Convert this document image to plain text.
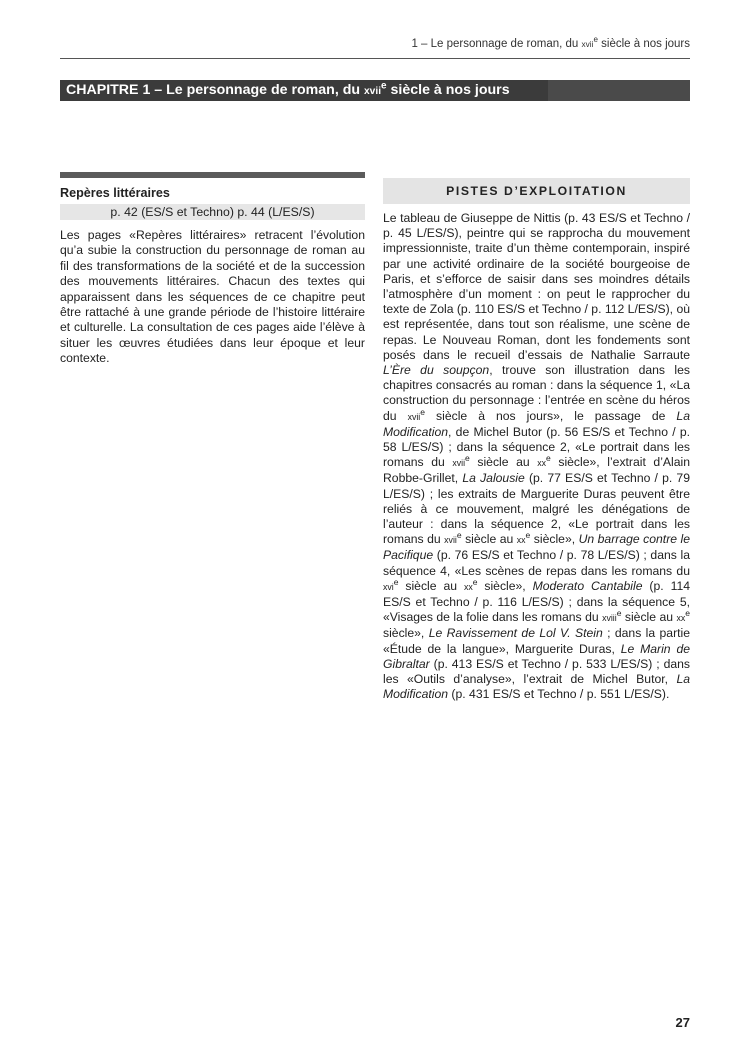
1 – Le personnage de roman, du xvii$^e$ siècle à nos jours
CHAPITRE 1 – Le personnage de roman, du xvii$^e$ siècle à nos jours
Repères littéraires
p. 42 (ES/S et Techno) p. 44 (L/ES/S)
Les pages «Repères littéraires» retracent l’évolution qu’a subie la construction du personnage de roman au fil des transformations de la société et de la succession des mouvements littéraires. Chacun des textes qui apparaissent dans les séquences de ce chapitre peut être rattaché à une grande période de l’histoire littéraire et culturelle. La consultation de ces pages aide l’élève à situer les œuvres étudiées dans leur époque et leur contexte.
PISTES D’EXPLOITATION
Le tableau de Giuseppe de Nittis (p. 43 ES/S et Techno / p. 45 L/ES/S), peintre qui se rapprocha du mouvement impressionniste, traite d’un thème contemporain, inspiré par une activité ordinaire de la société bourgeoise de Paris, et s’efforce de saisir dans ses moindres détails l’atmosphère d’un moment : on peut le rapprocher du texte de Zola (p. 110 ES/S et Techno / p. 112 L/ES/S), où est représentée, dans tout son réalisme, une scène de repas. Le Nouveau Roman, dont les fondements sont posés dans le recueil d’essais de Nathalie Sarraute L’Ère du soupçon, trouve son illustration dans les chapitres consacrés au roman : dans la séquence 1, «La construction du personnage : l’entrée en scène du héros du xvii$^e$ siècle à nos jours», le passage de La Modification, de Michel Butor (p. 56 ES/S et Techno / p. 58 L/ES/S) ; dans la séquence 2, «Le portrait dans les romans du xvii$^e$ siècle au $xx^e$ siècle», l’extrait d’Alain Robbe-Grillet, La Jalousie (p. 77 ES/S et Techno / p. 79 L/ES/S) ; les extraits de Marguerite Duras peuvent être reliés à ce mouvement, malgré les dénégations de l’auteur : dans la séquence 2, «Le portrait dans les romans du xvii$^e$ siècle au $xx^e$ siècle», Un barrage contre le Pacifique (p. 76 ES/S et Techno / p. 78 L/ES/S) ; dans la séquence 4, «Les scènes de repas dans les romans du xvi$^e$ siècle au $xx^e$ siècle», Moderato Cantabile (p. 114 ES/S et Techno / p. 116 L/ES/S) ; dans la séquence 5, «Visages de la folie dans les romans du xviii$^e$ siècle au $xx^e$ siècle», Le Ravissement de Lol V. Stein ; dans la partie «Étude de la langue», Marguerite Duras, Le Marin de Gibraltar (p. 413 ES/S et Techno / p. 533 L/ES/S) ; dans les «Outils d’analyse», l’extrait de Michel Butor, La Modification (p. 431 ES/S et Techno / p. 551 L/ES/S).
27
